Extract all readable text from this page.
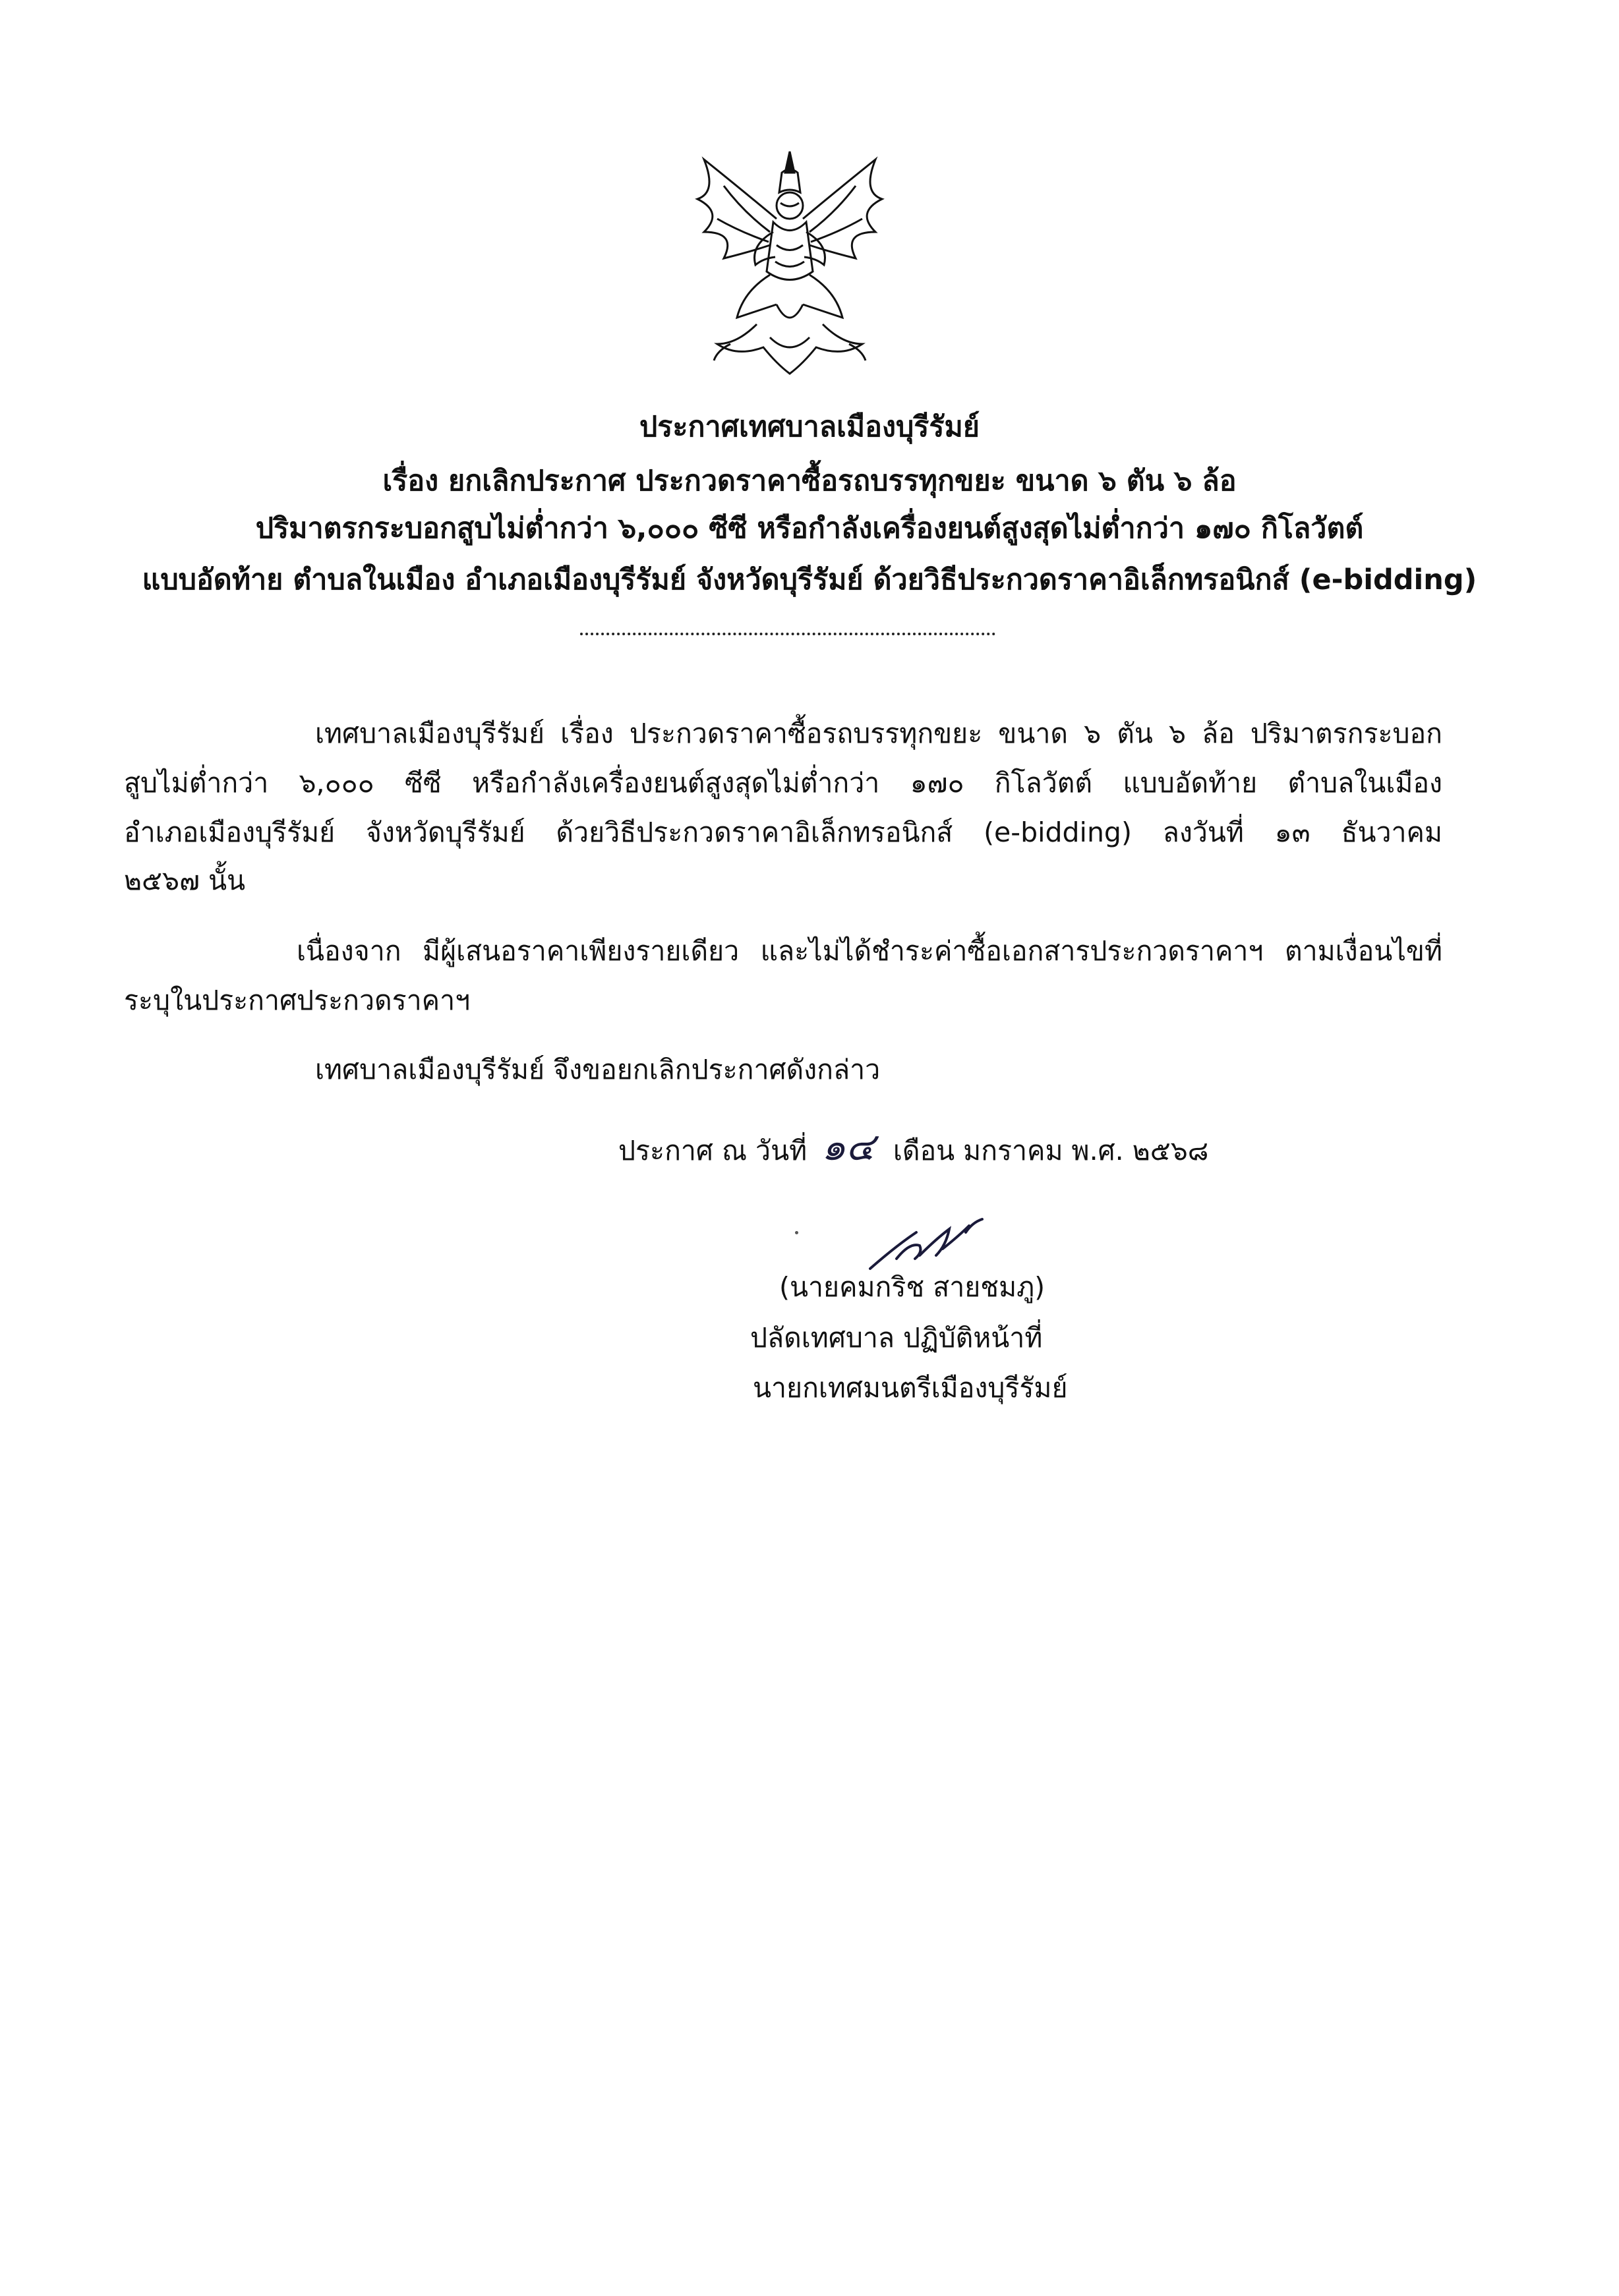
ประกาศเทศบาลเมืองบุรีรัมย์
เรื่อง ยกเลิกประกาศ ประกวดราคาซื้อรถบรรทุกขยะ ขนาด ๖ ตัน ๖ ล้อ
ปริมาตรกระบอกสูบไม่ต่ำกว่า ๖,๐๐๐ ซีซี หรือกำลังเครื่องยนต์สูงสุดไม่ต่ำกว่า ๑๗๐ กิโลวัตต์
แบบอัดท้าย ตำบลในเมือง อำเภอเมืองบุรีรัมย์ จังหวัดบุรีรัมย์ ด้วยวิธีประกวดราคาอิเล็กทรอนิกส์ (e-bidding)
เทศบาลเมืองบุรีรัมย์ เรื่อง ประกวดราคาซื้อรถบรรทุกขยะ ขนาด ๖ ตัน ๖ ล้อ ปริมาตรกระบอก
สูบไม่ต่ำกว่า ๖,๐๐๐ ซีซี หรือกำลังเครื่องยนต์สูงสุดไม่ต่ำกว่า ๑๗๐ กิโลวัตต์ แบบอัดท้าย ตำบลในเมือง
อำเภอเมืองบุรีรัมย์ จังหวัดบุรีรัมย์ ด้วยวิธีประกวดราคาอิเล็กทรอนิกส์ (e-bidding) ลงวันที่ ๑๓ ธันวาคม
๒๕๖๗ นั้น
เนื่องจาก มีผู้เสนอราคาเพียงรายเดียว และไม่ได้ชำระค่าซื้อเอกสารประกวดราคาฯ ตามเงื่อนไขที่
ระบุในประกาศประกวดราคาฯ
เทศบาลเมืองบุรีรัมย์ จึงขอยกเลิกประกาศดังกล่าว
ประกาศ ณ วันที่ ๑๔ เดือน มกราคม พ.ศ. ๒๕๖๘
(นายคมกริช สายชมภู)
ปลัดเทศบาล ปฏิบัติหน้าที่
นายกเทศมนตรีเมืองบุรีรัมย์
